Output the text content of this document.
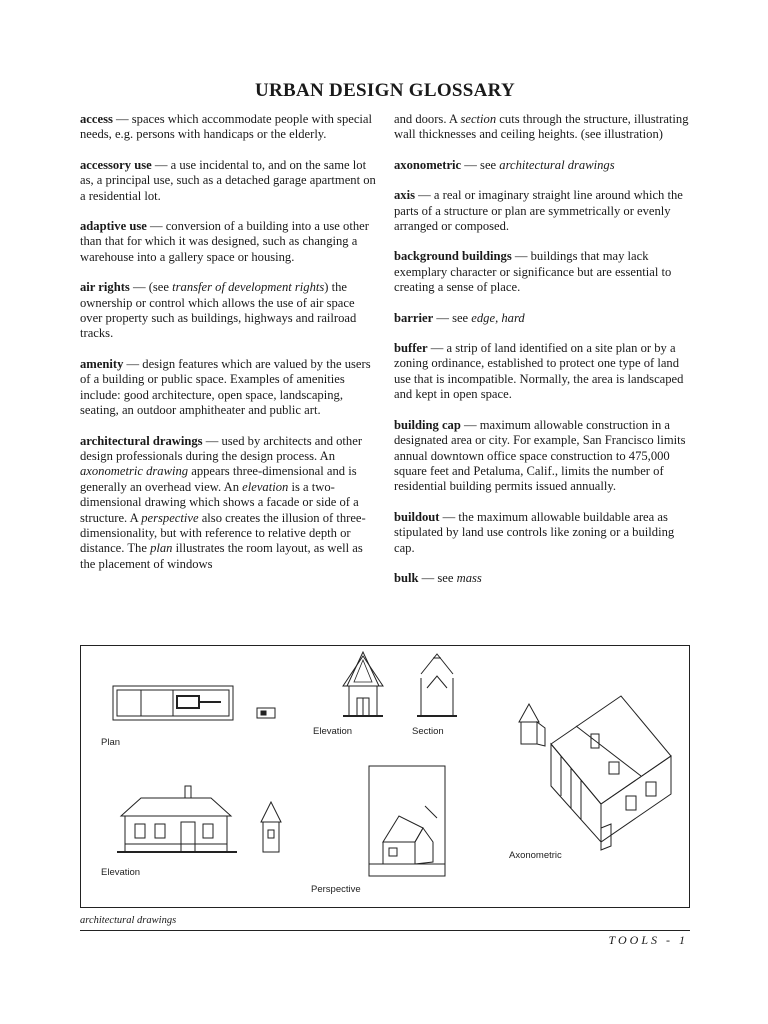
URBAN DESIGN GLOSSARY

access — spaces which accommodate people with special needs, e.g. persons with handicaps or the elderly.

accessory use — a use incidental to, and on the same lot as, a principal use, such as a detached garage apartment on a residential lot.

adaptive use — conversion of a building into a use other than that for which it was designed, such as changing a warehouse into a gallery space or housing.

air rights — (see transfer of development rights) the ownership or control which allows the use of air space over property such as buildings, highways and railroad tracks.

amenity — design features which are valued by the users of a building or public space. Examples of amenities include: good architecture, open space, landscaping, seating, an outdoor amphitheater and public art.

architectural drawings — used by architects and other design professionals during the design process. An axonometric drawing appears three-dimensional and is generally an overhead view. An elevation is a two-dimensional drawing which shows a facade or side of a structure. A perspective also creates the illusion of three-dimensionality, but with reference to relative depth or distance. The plan illustrates the room layout, as well as the placement of windows

and doors. A section cuts through the structure, illustrating wall thicknesses and ceiling heights. (see illustration)

axonometric — see architectural drawings

axis — a real or imaginary straight line around which the parts of a structure or plan are symmetrically or evenly arranged or composed.

background buildings — buildings that may lack exemplary character or significance but are essential to creating a sense of place.

barrier — see edge, hard

buffer — a strip of land identified on a site plan or by a zoning ordinance, established to protect one type of land use that is incompatible. Normally, the area is landscaped and kept in open space.

building cap — maximum allowable construction in a designated area or city. For example, San Francisco limits annual downtown office space construction to 475,000 square feet and Petaluma, Calif., limits the number of residential building permits issued annually.

buildout — the maximum allowable buildable area as stipulated by land use controls like zoning or a building cap.

bulk — see mass

Plan
Elevation	Section
Elevation
Perspective
Axonometric
architectural drawings
TOOLS - 1
